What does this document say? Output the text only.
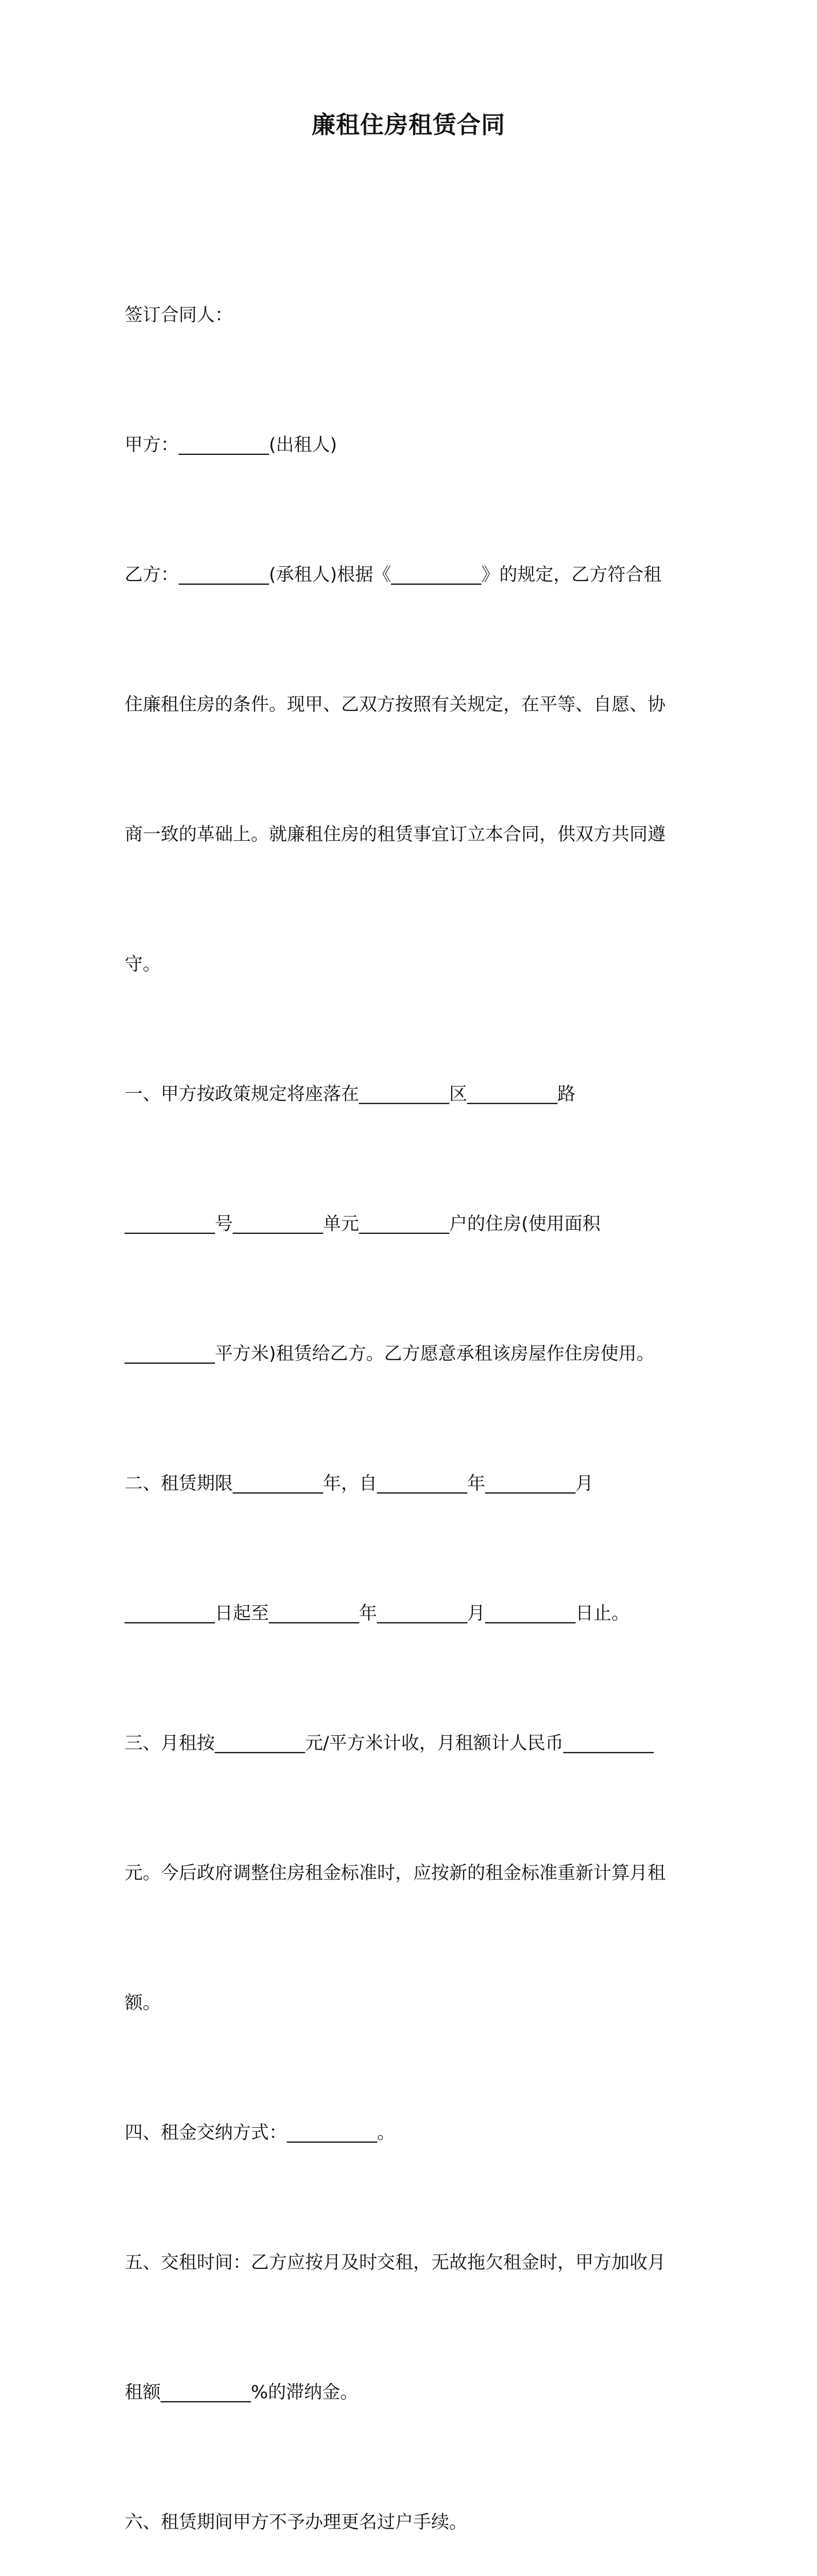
廉租住房租赁合同

签订合同人：

甲方：__________(出租人)

乙方：__________(承租人)根据《__________》的规定，乙方符合租

住廉租住房的条件。现甲、乙双方按照有关规定，在平等、自愿、协

商一致的革础上。就廉租住房的租赁事宜订立本合同，供双方共同遵

守。

一、甲方按政策规定将座落在__________区__________路

__________号__________单元__________户的住房(使用面积

__________平方米)租赁给乙方。乙方愿意承租该房屋作住房使用。

二、租赁期限__________年，自__________年__________月

__________日起至__________年__________月__________日止。

三、月租按__________元/平方米计收，月租额计人民币__________

元。今后政府调整住房租金标准时，应按新的租金标准重新计算月租

额。

四、租金交纳方式：__________。

五、交租时间：乙方应按月及时交租，无故拖欠租金时，甲方加收月

租额__________%的滞纳金。

六、租赁期间甲方不予办理更名过户手续。
